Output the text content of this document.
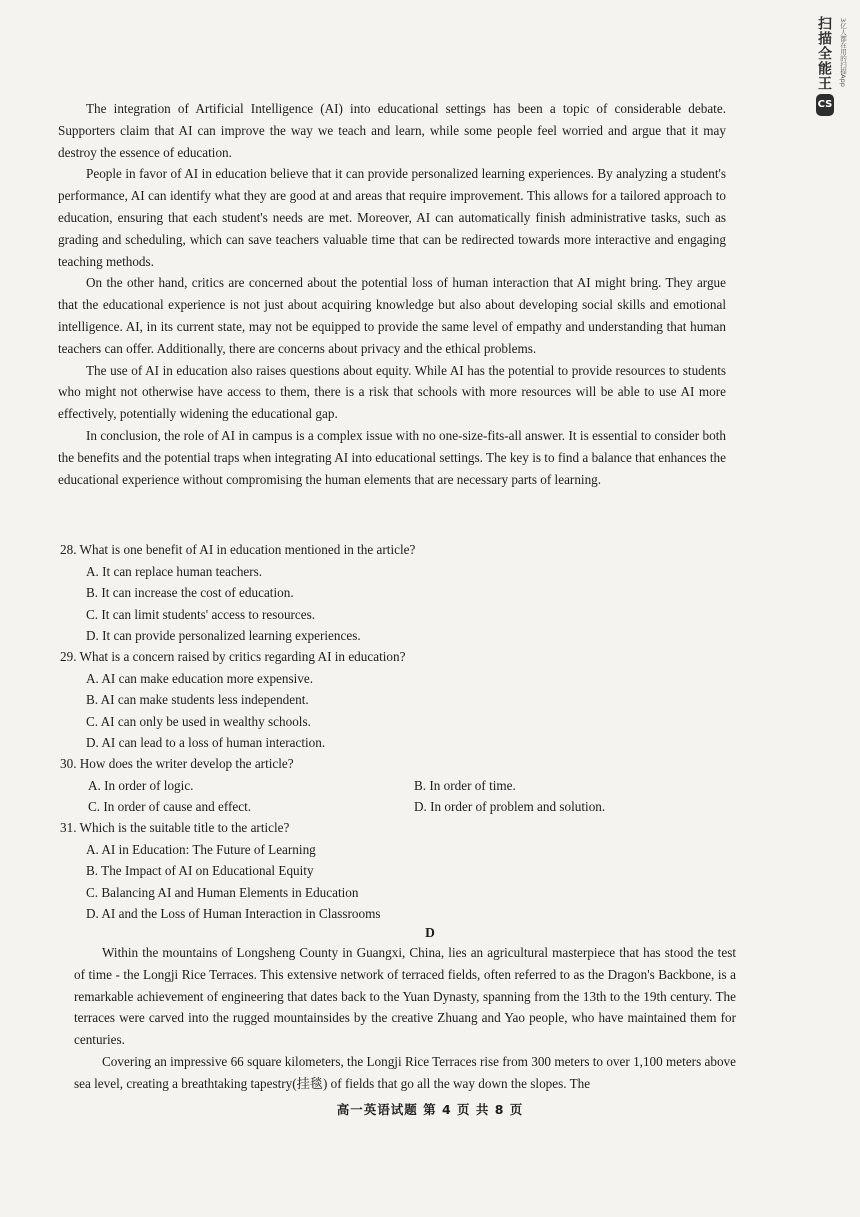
扫描全能王	3亿人都在用的扫描App
CS

The integration of Artificial Intelligence (AI) into educational settings has been a topic of considerable debate. Supporters claim that AI can improve the way we teach and learn, while some people feel worried and argue that it may destroy the essence of education.

People in favor of AI in education believe that it can provide personalized learning experiences. By analyzing a student's performance, AI can identify what they are good at and areas that require improvement. This allows for a tailored approach to education, ensuring that each student's needs are met. Moreover, AI can automatically finish administrative tasks, such as grading and scheduling, which can save teachers valuable time that can be redirected towards more interactive and engaging teaching methods.

On the other hand, critics are concerned about the potential loss of human interaction that AI might bring. They argue that the educational experience is not just about acquiring knowledge but also about developing social skills and emotional intelligence. AI, in its current state, may not be equipped to provide the same level of empathy and understanding that human teachers can offer. Additionally, there are concerns about privacy and the ethical problems.

The use of AI in education also raises questions about equity. While AI has the potential to provide resources to students who might not otherwise have access to them, there is a risk that schools with more resources will be able to use AI more effectively, potentially widening the educational gap.

In conclusion, the role of AI in campus is a complex issue with no one-size-fits-all answer. It is essential to consider both the benefits and the potential traps when integrating AI into educational settings. The key is to find a balance that enhances the educational experience without compromising the human elements that are necessary parts of learning.

28. What is one benefit of AI in education mentioned in the article?

A. It can replace human teachers.

B. It can increase the cost of education.

C. It can limit students' access to resources.

D. It can provide personalized learning experiences.

29. What is a concern raised by critics regarding AI in education?

A. AI can make education more expensive.

B. AI can make students less independent.

C. AI can only be used in wealthy schools.

D. AI can lead to a loss of human interaction.

30. How does the writer develop the article?

A. In order of logic.	B. In order of time.
C. In order of cause and effect.	D. In order of problem and solution.

31. Which is the suitable title to the article?

A. AI in Education: The Future of Learning

B. The Impact of AI on Educational Equity

C. Balancing AI and Human Elements in Education

D. AI and the Loss of Human Interaction in Classrooms

D

Within the mountains of Longsheng County in Guangxi, China, lies an agricultural masterpiece that has stood the test of time - the Longji Rice Terraces. This extensive network of terraced fields, often referred to as the Dragon's Backbone, is a remarkable achievement of engineering that dates back to the Yuan Dynasty, spanning from the 13th to the 19th century. The terraces were carved into the rugged mountainsides by the creative Zhuang and Yao people, who have maintained them for centuries.

Covering an impressive 66 square kilometers, the Longji Rice Terraces rise from 300 meters to over 1,100 meters above sea level, creating a breathtaking tapestry(挂毯) of fields that go all the way down the slopes. The

高一英语试题 第 4 页 共 8 页
